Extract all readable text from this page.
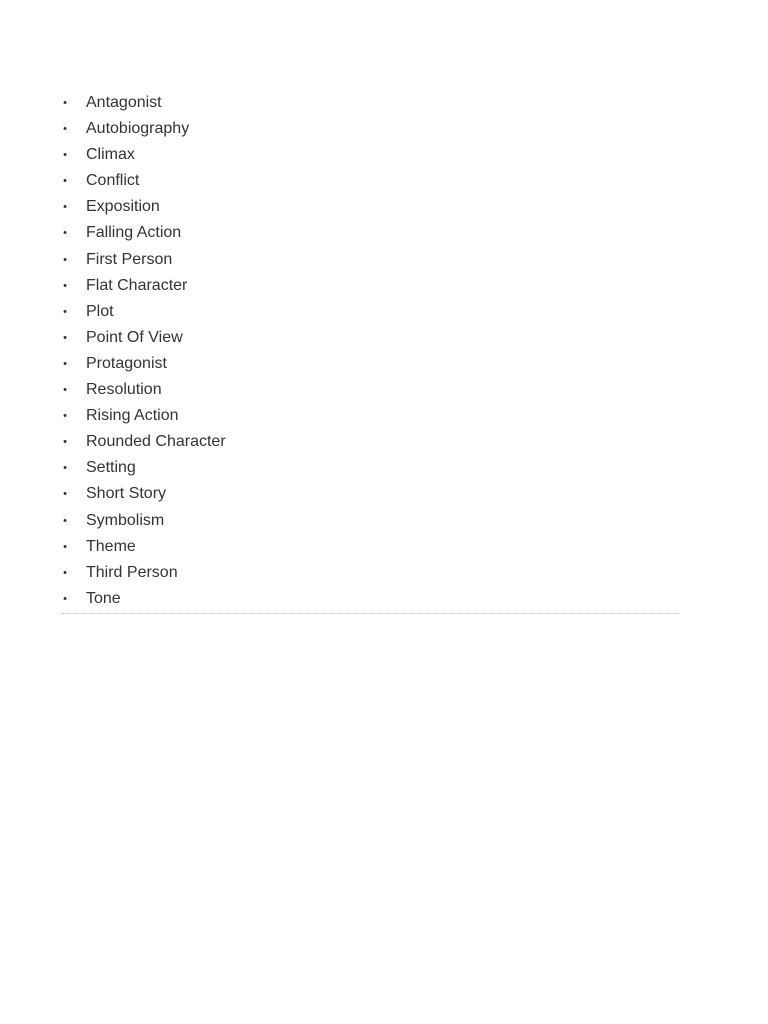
• Antagonist
• Autobiography
• Climax
• Conflict
• Exposition
• Falling Action
• First Person
• Flat Character
• Plot
• Point Of View
• Protagonist
• Resolution
• Rising Action
• Rounded Character
• Setting
• Short Story
• Symbolism
• Theme
• Third Person
• Tone
